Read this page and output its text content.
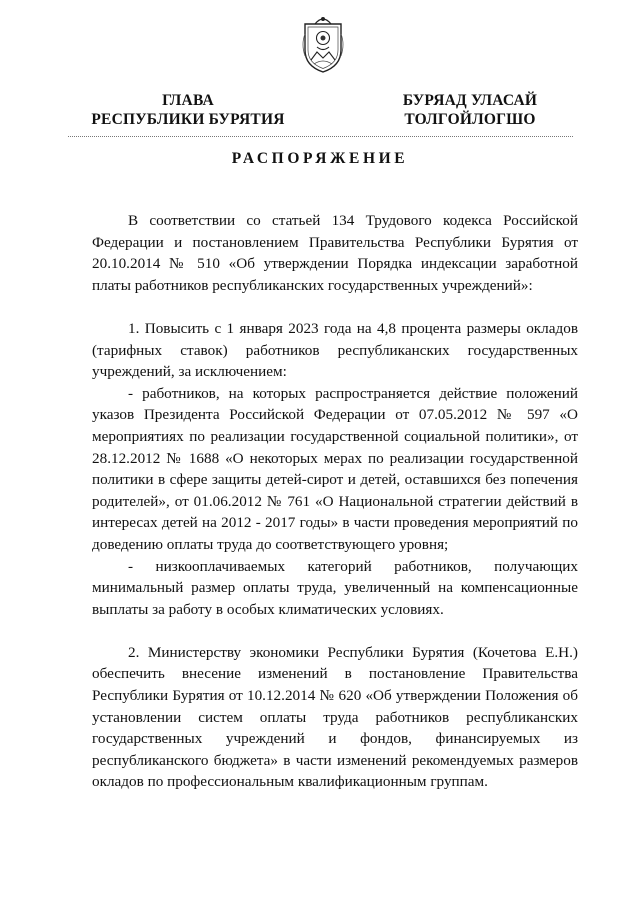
ГЛАВА
РЕСПУБЛИКИ БУРЯТИЯ
БУРЯАД УЛАСАЙ
ТОЛГОЙЛОГШО
РАСПОРЯЖЕНИЕ

В соответствии со статьей 134 Трудового кодекса Российской Федерации и постановлением Правительства Республики Бурятия от 20.10.2014 № 510 «Об утверждении Порядка индексации заработной платы работников республиканских государственных учреждений»:

1. Повысить с 1 января 2023 года на 4,8 процента размеры окладов (тарифных ставок) работников республиканских государственных учреждений, за исключением:

- работников, на которых распространяется действие положений указов Президента Российской Федерации от 07.05.2012 № 597 «О мероприятиях по реализации государственной социальной политики», от 28.12.2012 № 1688 «О некоторых мерах по реализации государственной политики в сфере защиты детей-сирот и детей, оставшихся без попечения родителей», от 01.06.2012 № 761 «О Национальной стратегии действий в интересах детей на 2012 - 2017 годы» в части проведения мероприятий по доведению оплаты труда до соответствующего уровня;

- низкооплачиваемых категорий работников, получающих минимальный размер оплаты труда, увеличенный на компенсационные выплаты за работу в особых климатических условиях.

2. Министерству экономики Республики Бурятия (Кочетова Е.Н.) обеспечить внесение изменений в постановление Правительства Республики Бурятия от 10.12.2014 № 620 «Об утверждении Положения об установлении систем оплаты труда работников республиканских государственных учреждений и фондов, финансируемых из республиканского бюджета» в части изменений рекомендуемых размеров окладов по профессиональным квалификационным группам.
